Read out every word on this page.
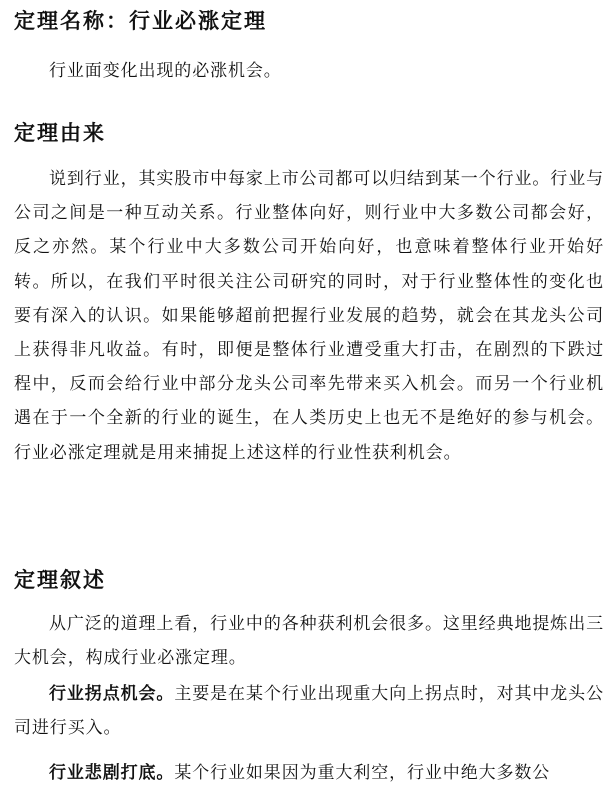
定理名称：行业必涨定理

行业面变化出现的必涨机会。

定理由来

说到行业，其实股市中每家上市公司都可以归结到某一个行业。行业与公司之间是一种互动关系。行业整体向好，则行业中大多数公司都会好，反之亦然。某个行业中大多数公司开始向好，也意味着整体行业开始好转。所以，在我们平时很关注公司研究的同时，对于行业整体性的变化也要有深入的认识。如果能够超前把握行业发展的趋势，就会在其龙头公司上获得非凡收益。有时，即便是整体行业遭受重大打击，在剧烈的下跌过程中，反而会给行业中部分龙头公司率先带来买入机会。而另一个行业机遇在于一个全新的行业的诞生，在人类历史上也无不是绝好的参与机会。行业必涨定理就是用来捕捉上述这样的行业性获利机会。

定理叙述

从广泛的道理上看，行业中的各种获利机会很多。这里经典地提炼出三大机会，构成行业必涨定理。

行业拐点机会。主要是在某个行业出现重大向上拐点时，对其中龙头公司进行买入。

行业悲剧打底。某个行业如果因为重大利空，行业中绝大多数公
